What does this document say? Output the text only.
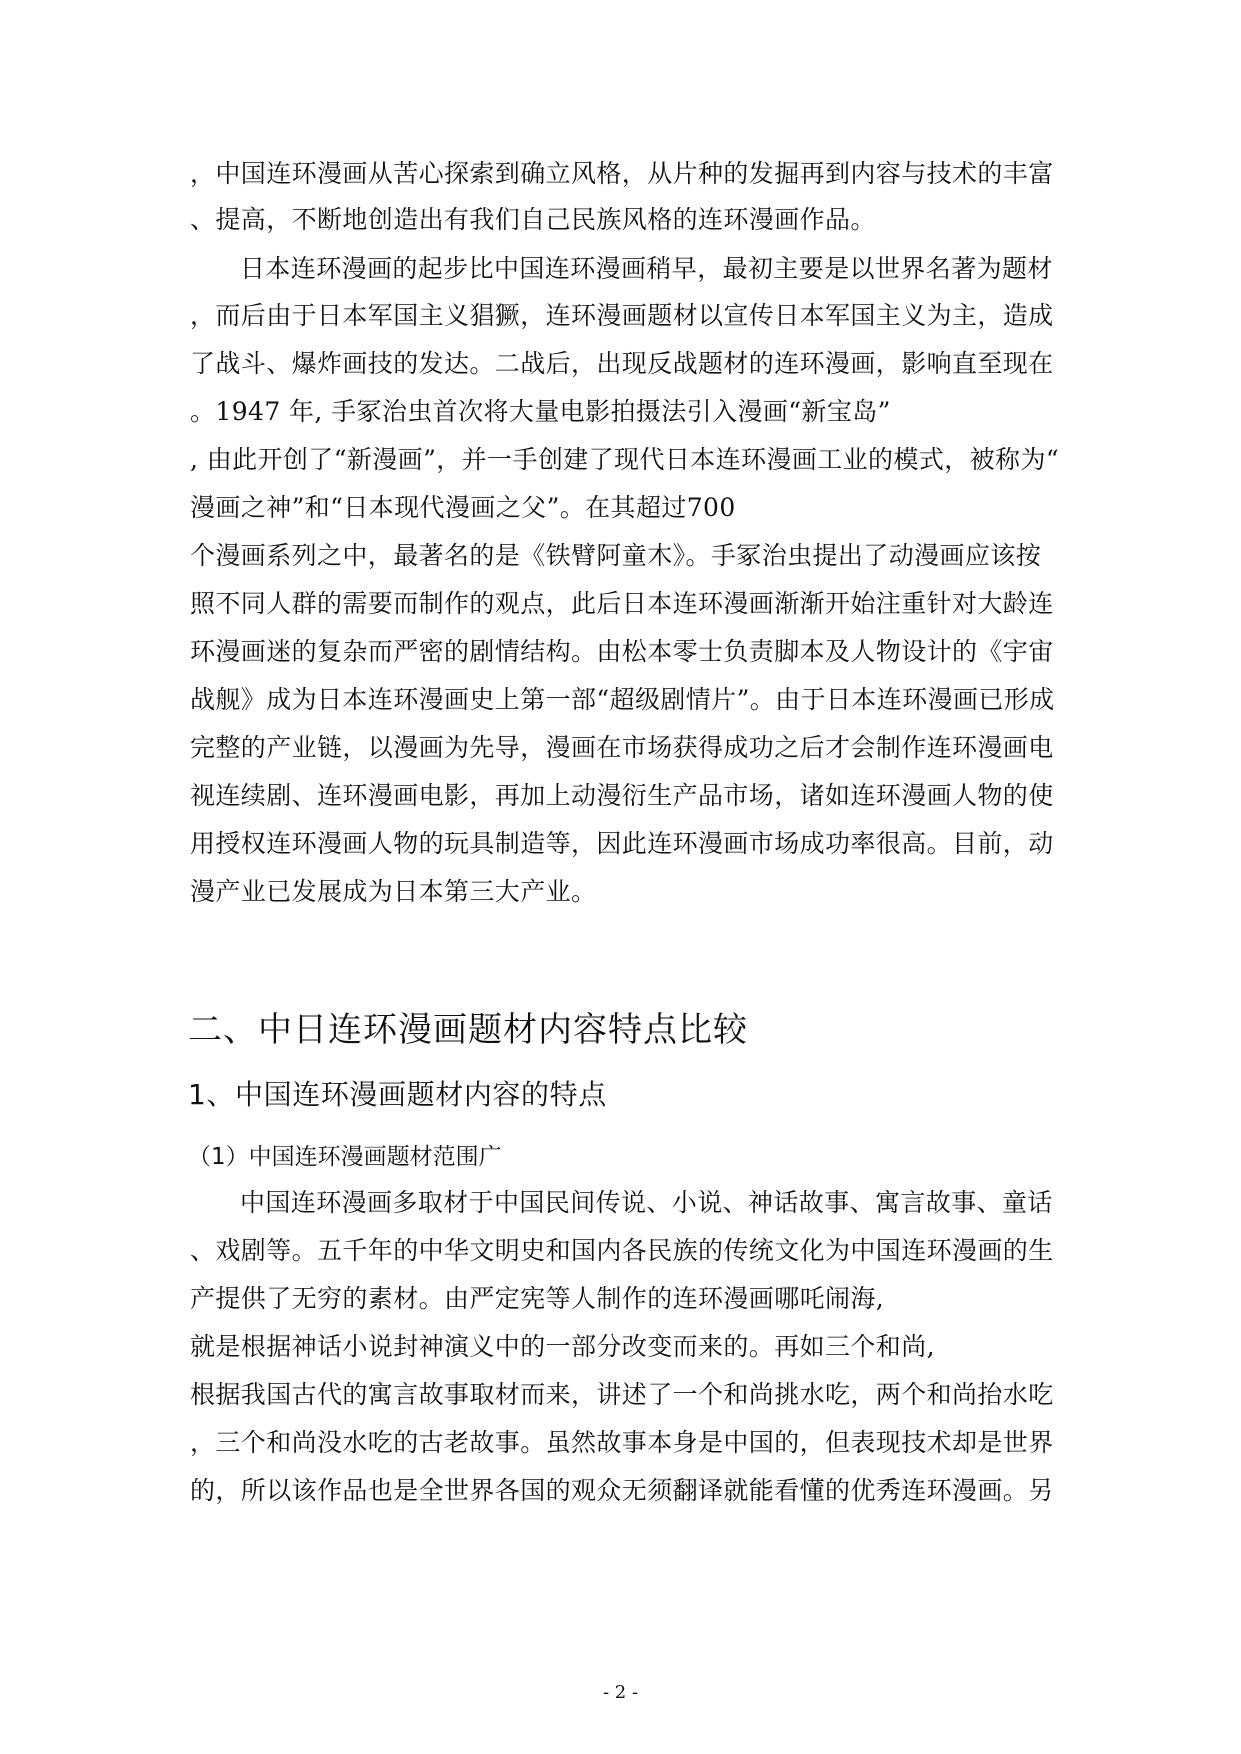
，中国连环漫画从苦心探索到确立风格，从片种的发掘再到内容与技术的丰富

、提高，不断地创造出有我们自己民族风格的连环漫画作品。

日本连环漫画的起步比中国连环漫画稍早，最初主要是以世界名著为题材

，而后由于日本军国主义猖獗，连环漫画题材以宣传日本军国主义为主，造成

了战斗、爆炸画技的发达。二战后，出现反战题材的连环漫画，影响直至现在

。1947 年, 手冢治虫首次将大量电影拍摄法引入漫画“新宝岛”

, 由此开创了“新漫画”，并一手创建了现代日本连环漫画工业的模式，被称为“

漫画之神”和“日本现代漫画之父”。在其超过700

个漫画系列之中，最著名的是《铁臂阿童木》。手冢治虫提出了动漫画应该按

照不同人群的需要而制作的观点，此后日本连环漫画渐渐开始注重针对大龄连

环漫画迷的复杂而严密的剧情结构。由松本零士负责脚本及人物设计的《宇宙

战舰》成为日本连环漫画史上第一部“超级剧情片”。由于日本连环漫画已形成

完整的产业链，以漫画为先导，漫画在市场获得成功之后才会制作连环漫画电

视连续剧、连环漫画电影，再加上动漫衍生产品市场，诸如连环漫画人物的使

用授权连环漫画人物的玩具制造等，因此连环漫画市场成功率很高。目前，动

漫产业已发展成为日本第三大产业。

二、中日连环漫画题材内容特点比较
1、中国连环漫画题材内容的特点
（1）中国连环漫画题材范围广

中国连环漫画多取材于中国民间传说、小说、神话故事、寓言故事、童话

、戏剧等。五千年的中华文明史和国内各民族的传统文化为中国连环漫画的生

产提供了无穷的素材。由严定宪等人制作的连环漫画哪吒闹海,

就是根据神话小说封神演义中的一部分改变而来的。再如三个和尚,

根据我国古代的寓言故事取材而来，讲述了一个和尚挑水吃，两个和尚抬水吃

，三个和尚没水吃的古老故事。虽然故事本身是中国的，但表现技术却是世界

的，所以该作品也是全世界各国的观众无须翻译就能看懂的优秀连环漫画。另

- 2 -
